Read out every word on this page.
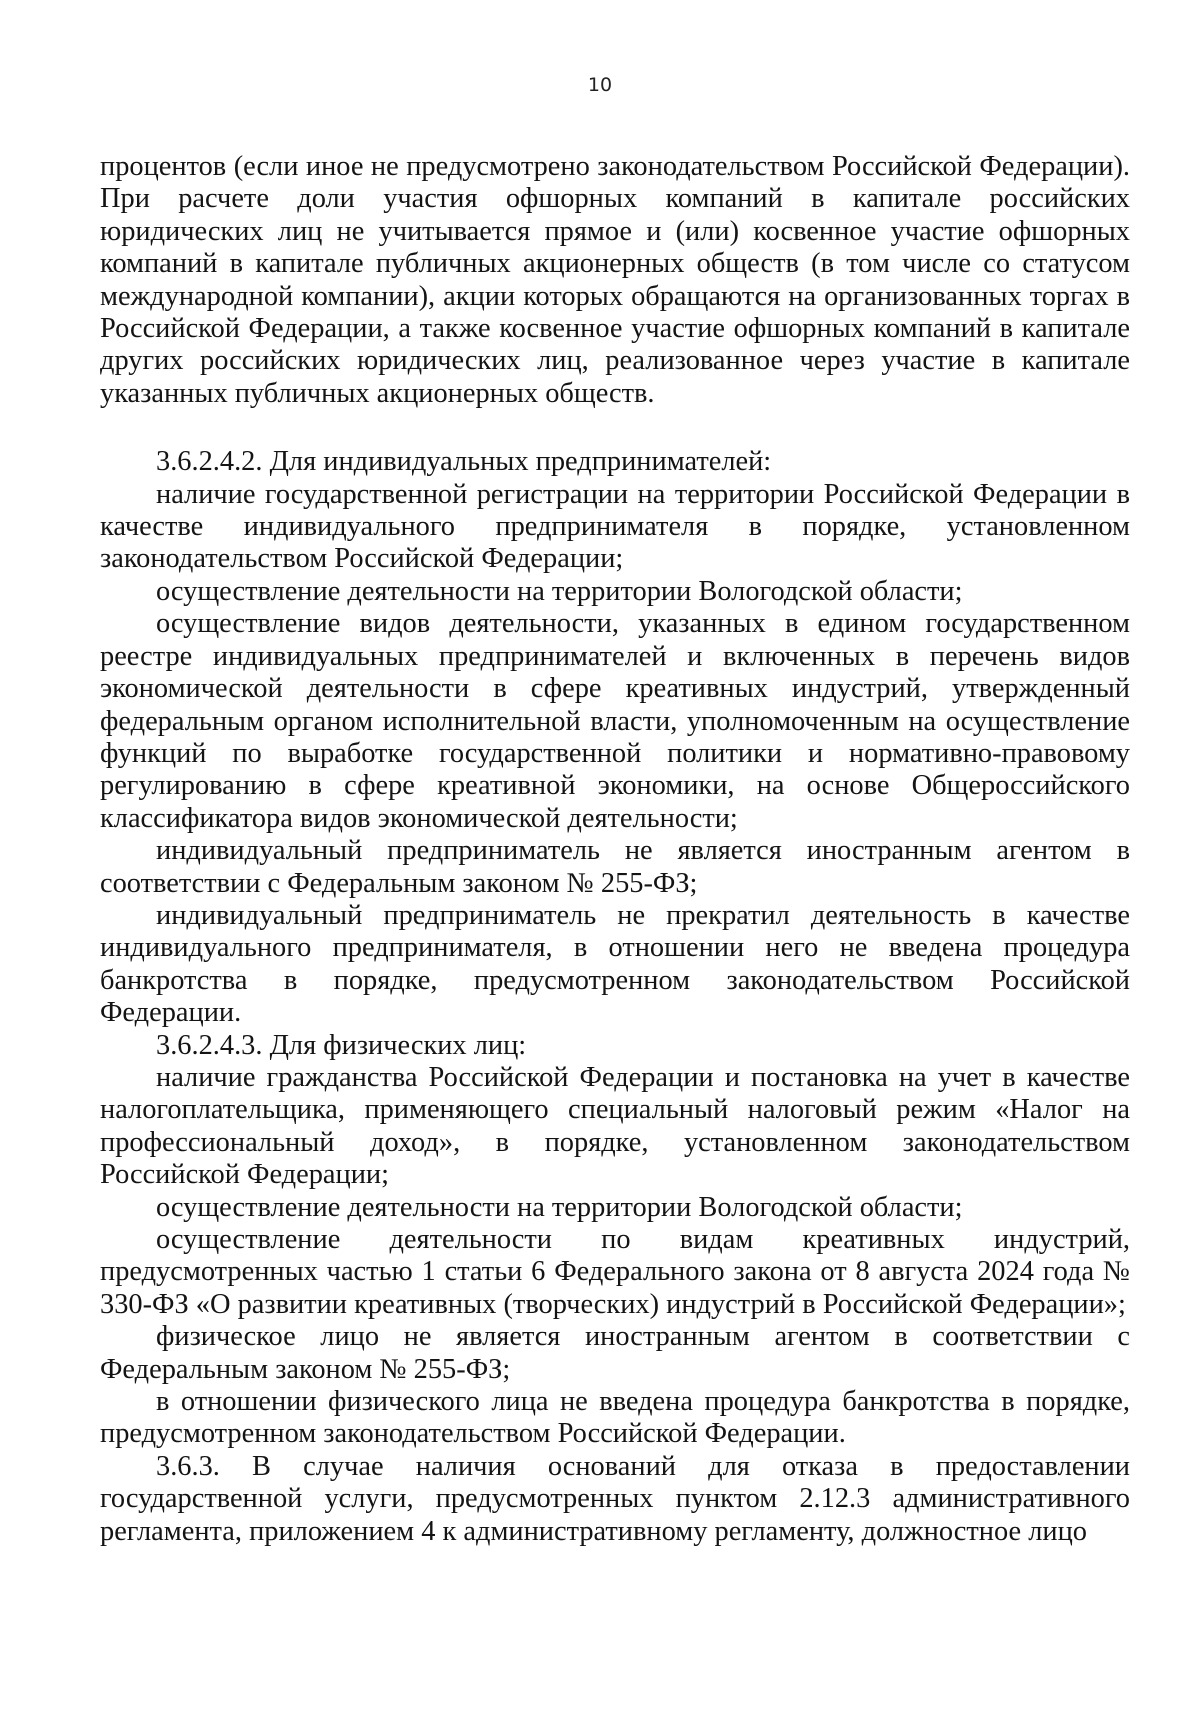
10

процентов (если иное не предусмотрено законодательством Российской Федерации). При расчете доли участия офшорных компаний в капитале российских юридических лиц не учитывается прямое и (или) косвенное участие офшорных компаний в капитале публичных акционерных обществ (в том числе со статусом международной компании), акции которых обращаются на организованных торгах в Российской Федерации, а также косвенное участие офшорных компаний в капитале других российских юридических лиц, реализованное через участие в капитале указанных публичных акционерных обществ.

3.6.2.4.2. Для индивидуальных предпринимателей:

наличие государственной регистрации на территории Российской Федерации в качестве индивидуального предпринимателя в порядке, установленном законодательством Российской Федерации;

осуществление деятельности на территории Вологодской области;

осуществление видов деятельности, указанных в едином государственном реестре индивидуальных предпринимателей и включенных в перечень видов экономической деятельности в сфере креативных индустрий, утвержденный федеральным органом исполнительной власти, уполномоченным на осуществление функций по выработке государственной политики и нормативно-правовому регулированию в сфере креативной экономики, на основе Общероссийского классификатора видов экономической деятельности;

индивидуальный предприниматель не является иностранным агентом в соответствии с Федеральным законом № 255-ФЗ;

индивидуальный предприниматель не прекратил деятельность в качестве индивидуального предпринимателя, в отношении него не введена процедура банкротства в порядке, предусмотренном законодательством Российской Федерации.

3.6.2.4.3. Для физических лиц:

наличие гражданства Российской Федерации и постановка на учет в качестве налогоплательщика, применяющего специальный налоговый режим «Налог на профессиональный доход», в порядке, установленном законодательством Российской Федерации;

осуществление деятельности на территории Вологодской области;

осуществление деятельности по видам креативных индустрий, предусмотренных частью 1 статьи 6 Федерального закона от 8 августа 2024 года № 330-ФЗ «О развитии креативных (творческих) индустрий в Российской Федерации»;

физическое лицо не является иностранным агентом в соответствии с Федеральным законом № 255-ФЗ;

в отношении физического лица не введена процедура банкротства в порядке, предусмотренном законодательством Российской Федерации.

3.6.3. В случае наличия оснований для отказа в предоставлении государственной услуги, предусмотренных пунктом 2.12.3 административного регламента, приложением 4 к административному регламенту, должностное лицо
